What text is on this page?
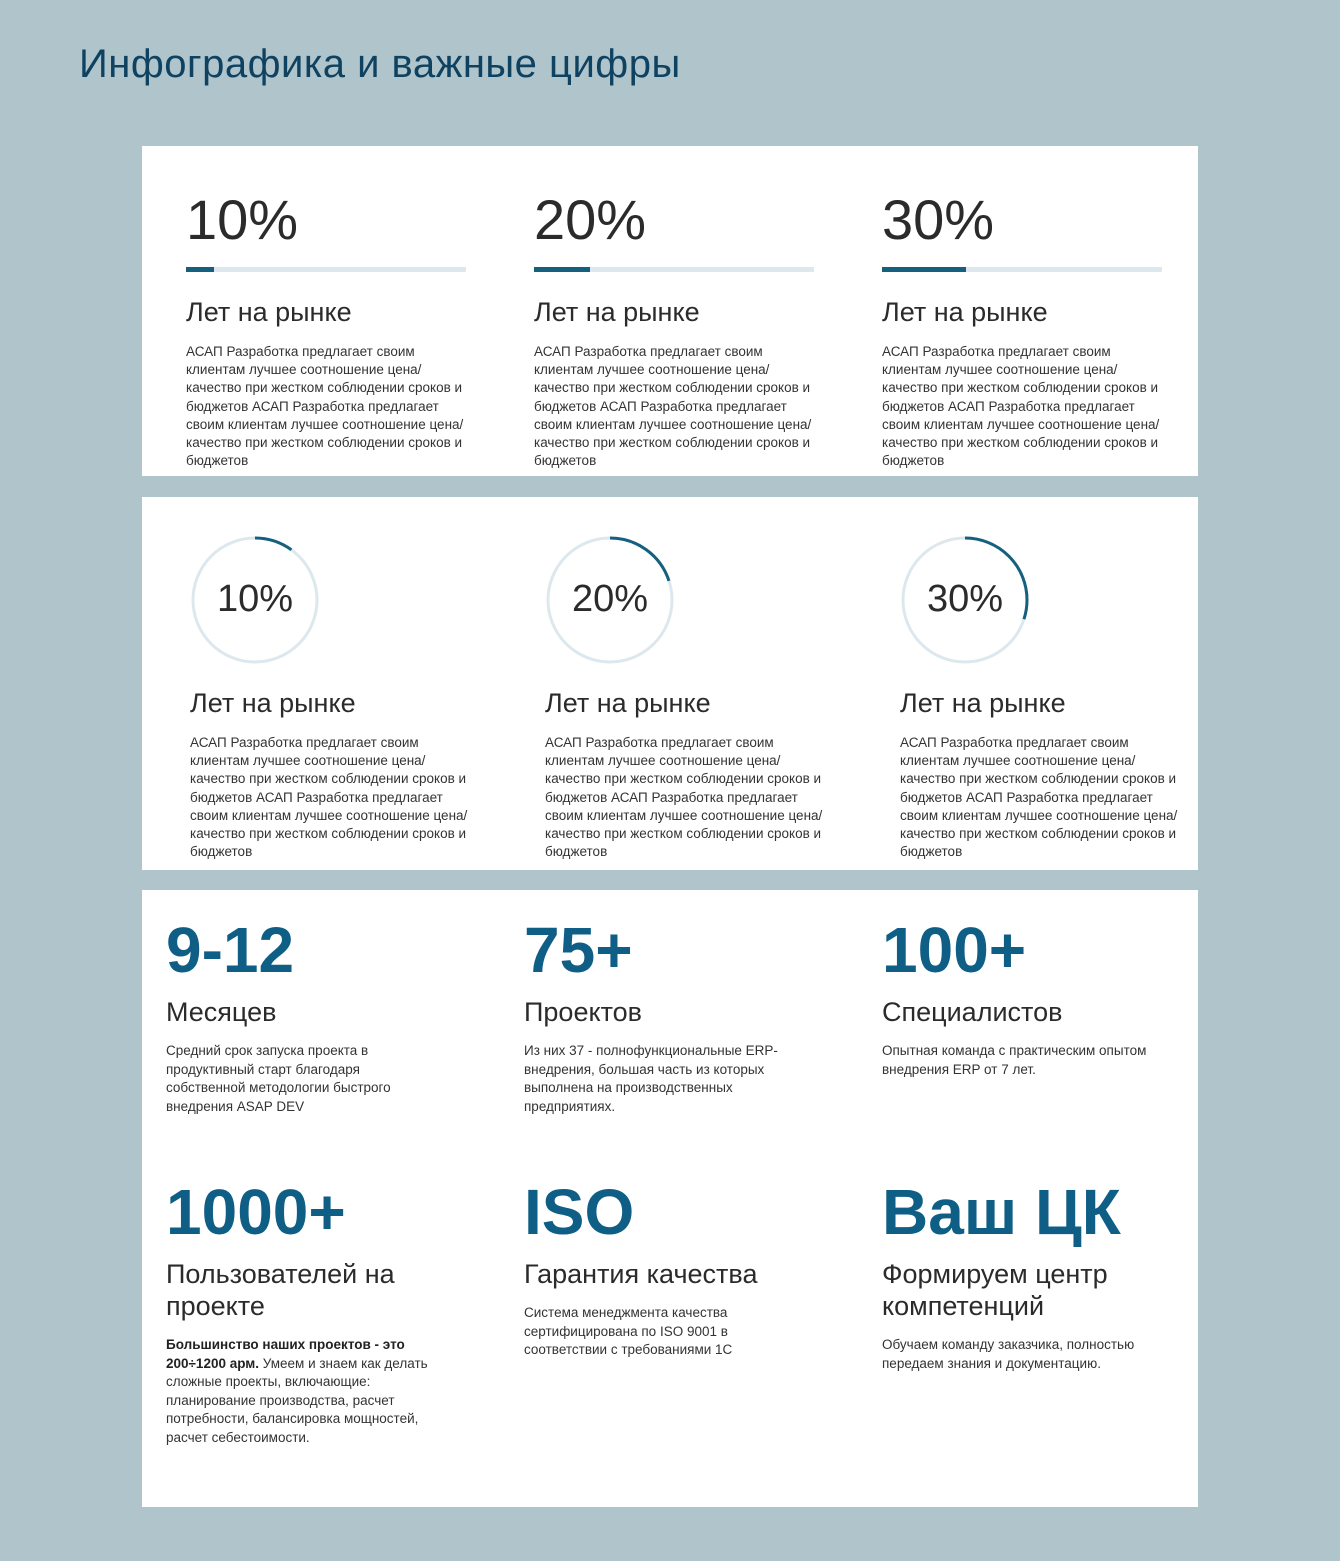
Инфографика и важные цифры
10%
Лет на рынке
АСАП Разработка предлагает своим клиентам лучшее соотношение цена/качество при жестком соблюдении сроков и бюджетов АСАП Разработка предлагает своим клиентам лучшее соотношение цена/качество при жестком соблюдении сроков и бюджетов
20%
Лет на рынке
АСАП Разработка предлагает своим клиентам лучшее соотношение цена/качество при жестком соблюдении сроков и бюджетов АСАП Разработка предлагает своим клиентам лучшее соотношение цена/качество при жестком соблюдении сроков и бюджетов
30%
Лет на рынке
АСАП Разработка предлагает своим клиентам лучшее соотношение цена/качество при жестком соблюдении сроков и бюджетов АСАП Разработка предлагает своим клиентам лучшее соотношение цена/качество при жестком соблюдении сроков и бюджетов
10%
Лет на рынке
АСАП Разработка предлагает своим клиентам лучшее соотношение цена/качество при жестком соблюдении сроков и бюджетов АСАП Разработка предлагает своим клиентам лучшее соотношение цена/качество при жестком соблюдении сроков и бюджетов
20%
Лет на рынке
АСАП Разработка предлагает своим клиентам лучшее соотношение цена/качество при жестком соблюдении сроков и бюджетов АСАП Разработка предлагает своим клиентам лучшее соотношение цена/качество при жестком соблюдении сроков и бюджетов
30%
Лет на рынке
АСАП Разработка предлагает своим клиентам лучшее соотношение цена/качество при жестком соблюдении сроков и бюджетов АСАП Разработка предлагает своим клиентам лучшее соотношение цена/качество при жестком соблюдении сроков и бюджетов
9-12
Месяцев
Средний срок запуска проекта в продуктивный старт благодаря собственной методологии быстрого внедрения ASAP DEV
75+
Проектов
Из них 37 - полнофункциональные ERP-внедрения, большая часть из которых выполнена на производственных предприятиях.
100+
Специалистов
Опытная команда с практическим опытом внедрения ERP от 7 лет.
1000+
Пользователей на проекте
Большинство наших проектов - это 200÷1200 арм. Умеем и знаем как делать сложные проекты, включающие: планирование производства, расчет потребности, балансировка мощностей, расчет себестоимости.
ISO
Гарантия качества
Система менеджмента качества сертифицирована по ISO 9001 в соответствии с требованиями 1С
Ваш ЦК
Формируем центр компетенций
Обучаем команду заказчика, полностью передаем знания и документацию.
